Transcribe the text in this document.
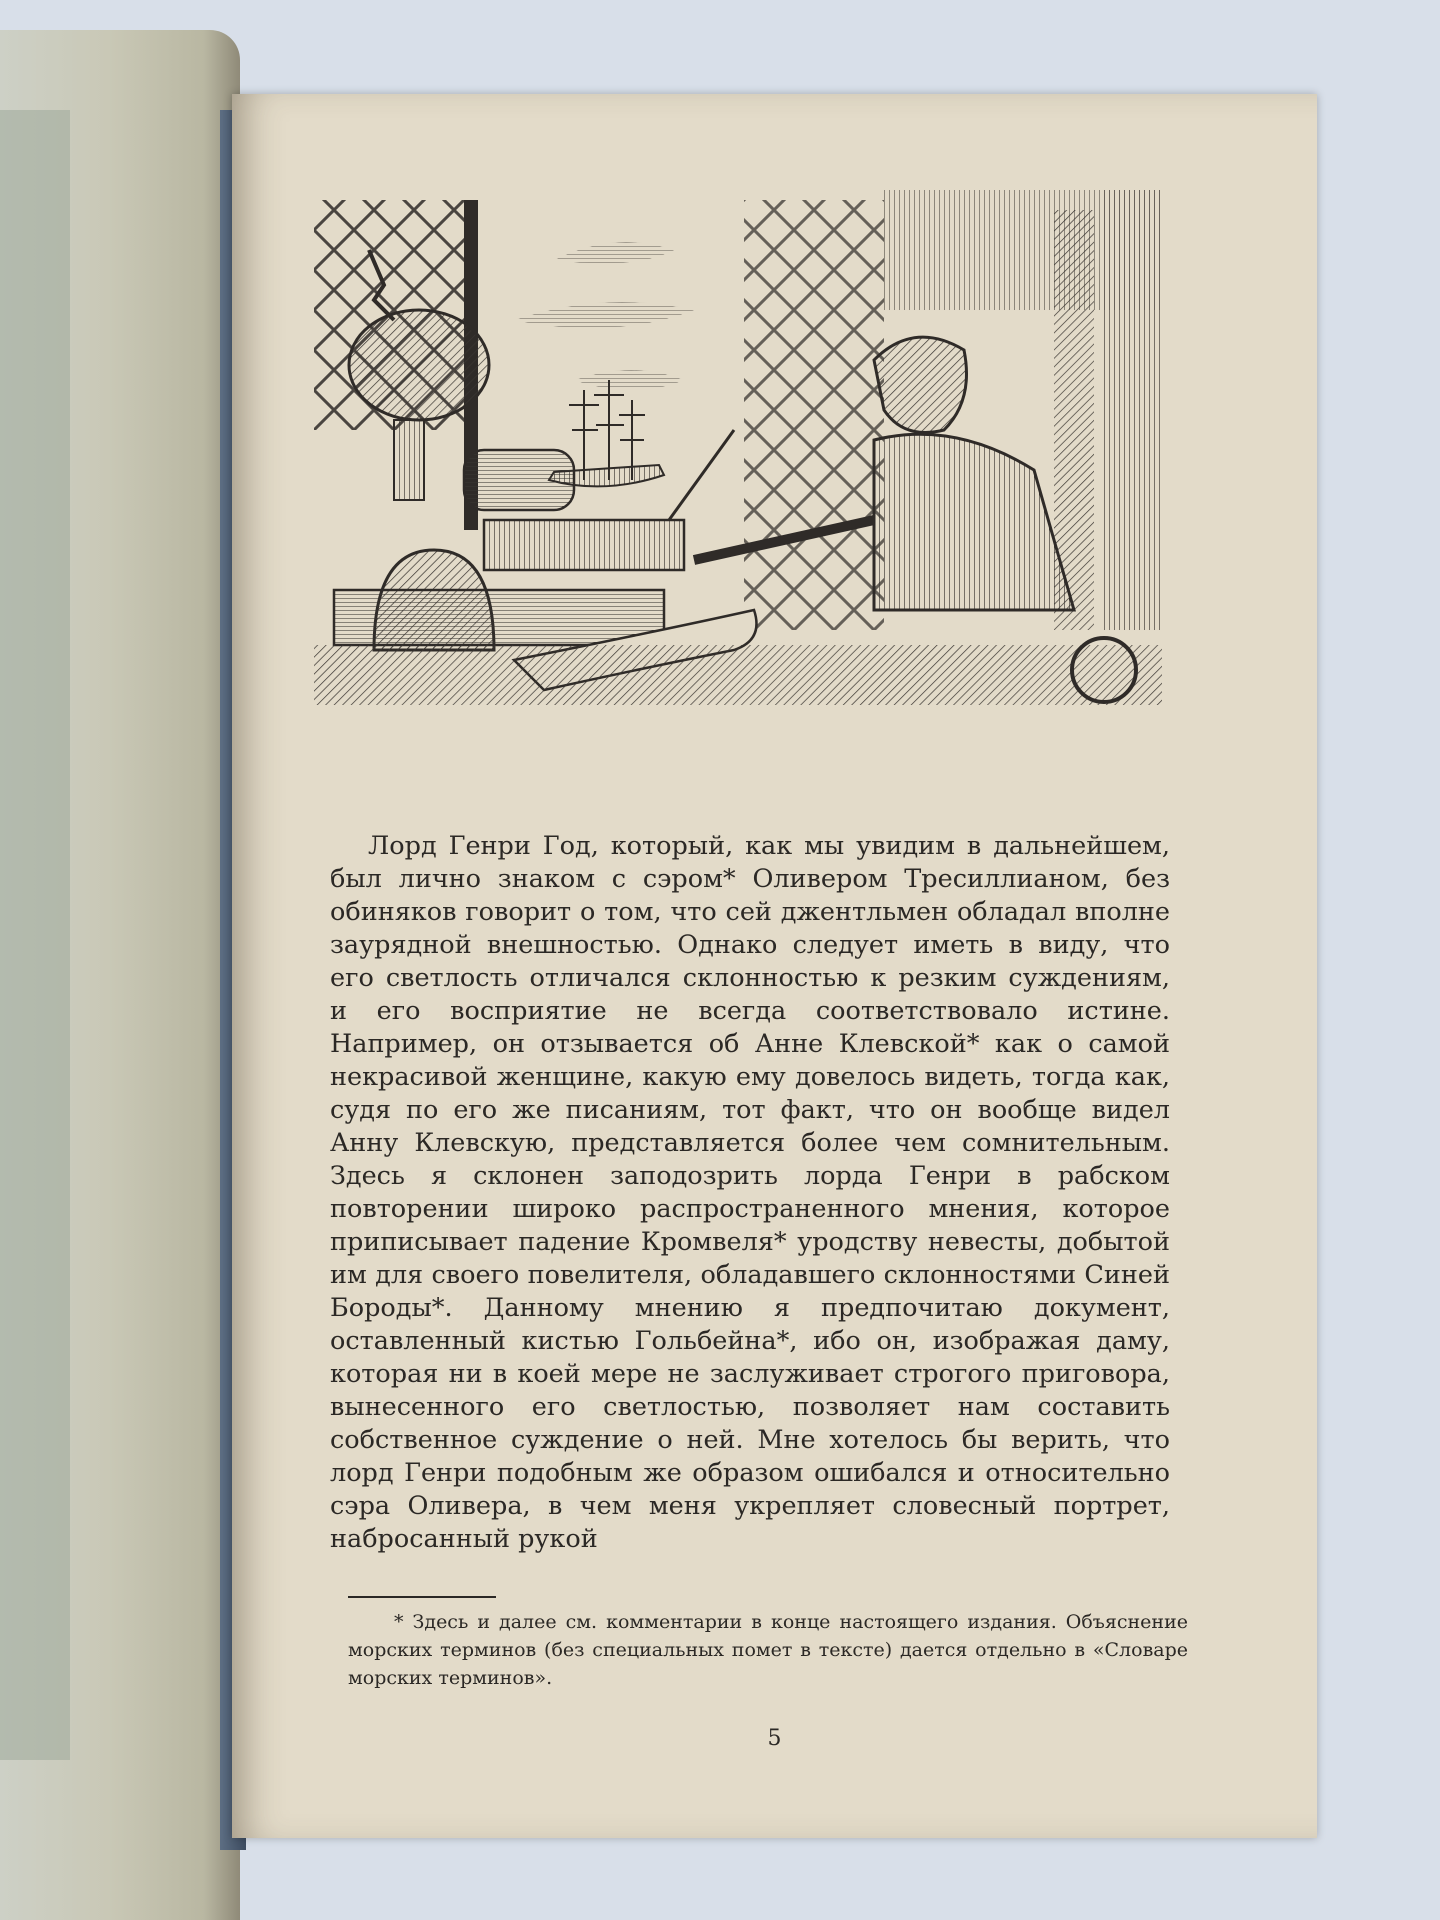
Лорд Генри Год, который, как мы увидим в дальнейшем, был лично знаком с сэром* Оливером Тресиллианом, без обиняков говорит о том, что сей джентльмен обладал вполне заурядной внешностью. Однако следует иметь в виду, что его светлость отличался склонностью к резким суждениям, и его восприятие не всегда соответствовало истине. Например, он отзывается об Анне Клевской* как о самой некрасивой женщине, какую ему довелось видеть, тогда как, судя по его же писаниям, тот факт, что он вообще видел Анну Клевскую, представляется более чем сомнительным. Здесь я склонен заподозрить лорда Генри в рабском повторении широко распространенного мнения, которое приписывает падение Кромвеля* уродству невесты, добытой им для своего повелителя, обладавшего склонностями Синей Бороды*. Данному мнению я предпочитаю документ, оставленный кистью Гольбейна*, ибо он, изображая даму, которая ни в коей мере не заслуживает строгого приговора, вынесенного его светлостью, позволяет нам составить собственное суждение о ней. Мне хотелось бы верить, что лорд Генри подобным же образом ошибался и относительно сэра Оливера, в чем меня укрепляет словесный портрет, набросанный рукой

* Здесь и далее см. комментарии в конце настоящего издания. Объяснение морских терминов (без специальных помет в тексте) дается отдельно в «Словаре морских терминов».

5
